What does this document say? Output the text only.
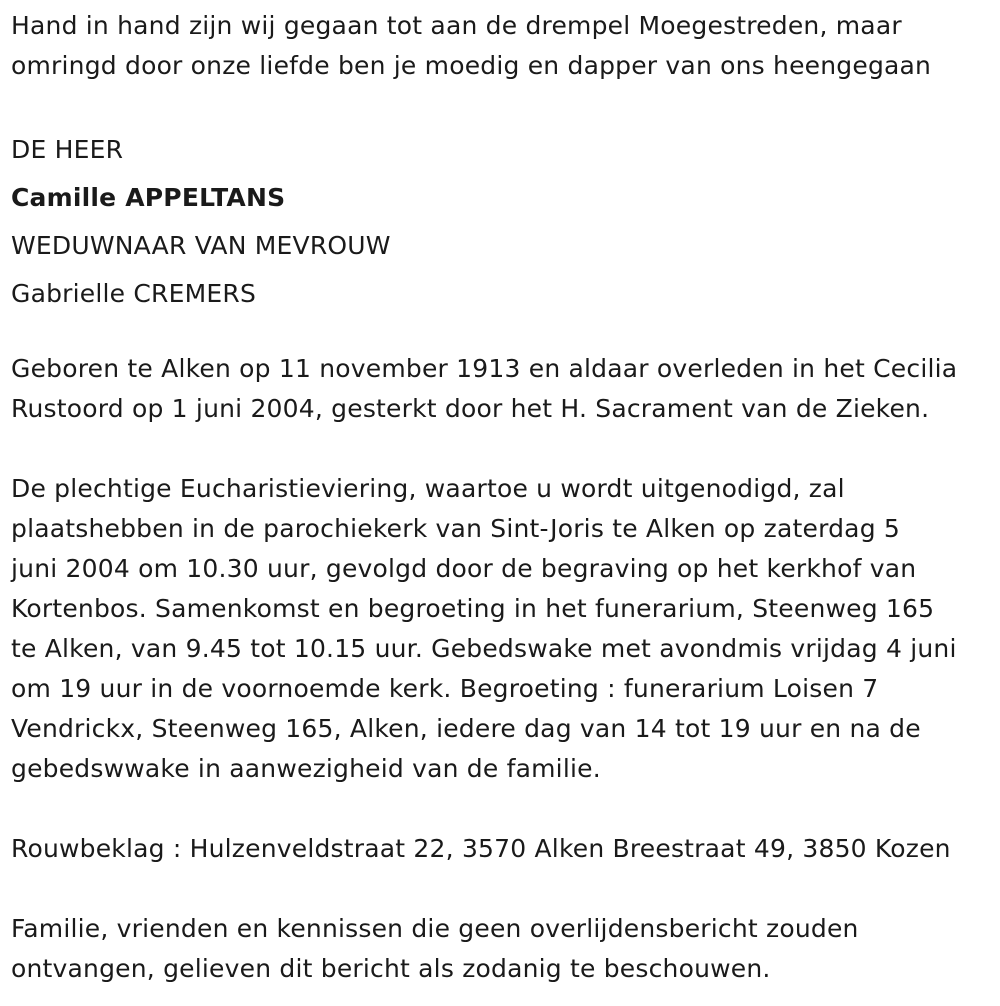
Hand in hand zijn wij gegaan tot aan de drempel Moegestreden, maar

omringd door onze liefde ben je moedig en dapper van ons heengegaan

DE HEER

Camille APPELTANS

WEDUWNAAR VAN MEVROUW

Gabrielle CREMERS

Geboren te Alken op 11 november 1913 en aldaar overleden in het Cecilia

Rustoord op 1 juni 2004, gesterkt door het H. Sacrament van de Zieken.

De plechtige Eucharistieviering, waartoe u wordt uitgenodigd, zal

plaatshebben in de parochiekerk van Sint-Joris te Alken op zaterdag 5

juni 2004 om 10.30 uur, gevolgd door de begraving op het kerkhof van

Kortenbos. Samenkomst en begroeting in het funerarium, Steenweg 165

te Alken, van 9.45 tot 10.15 uur. Gebedswake met avondmis vrijdag 4 juni

om 19 uur in de voornoemde kerk. Begroeting : funerarium Loisen 7

Vendrickx, Steenweg 165, Alken, iedere dag van 14 tot 19 uur en na de

gebedswwake in aanwezigheid van de familie.

Rouwbeklag : Hulzenveldstraat 22, 3570 Alken Breestraat 49, 3850 Kozen

Familie, vrienden en kennissen die geen overlijdensbericht zouden

ontvangen, gelieven dit bericht als zodanig te beschouwen.
